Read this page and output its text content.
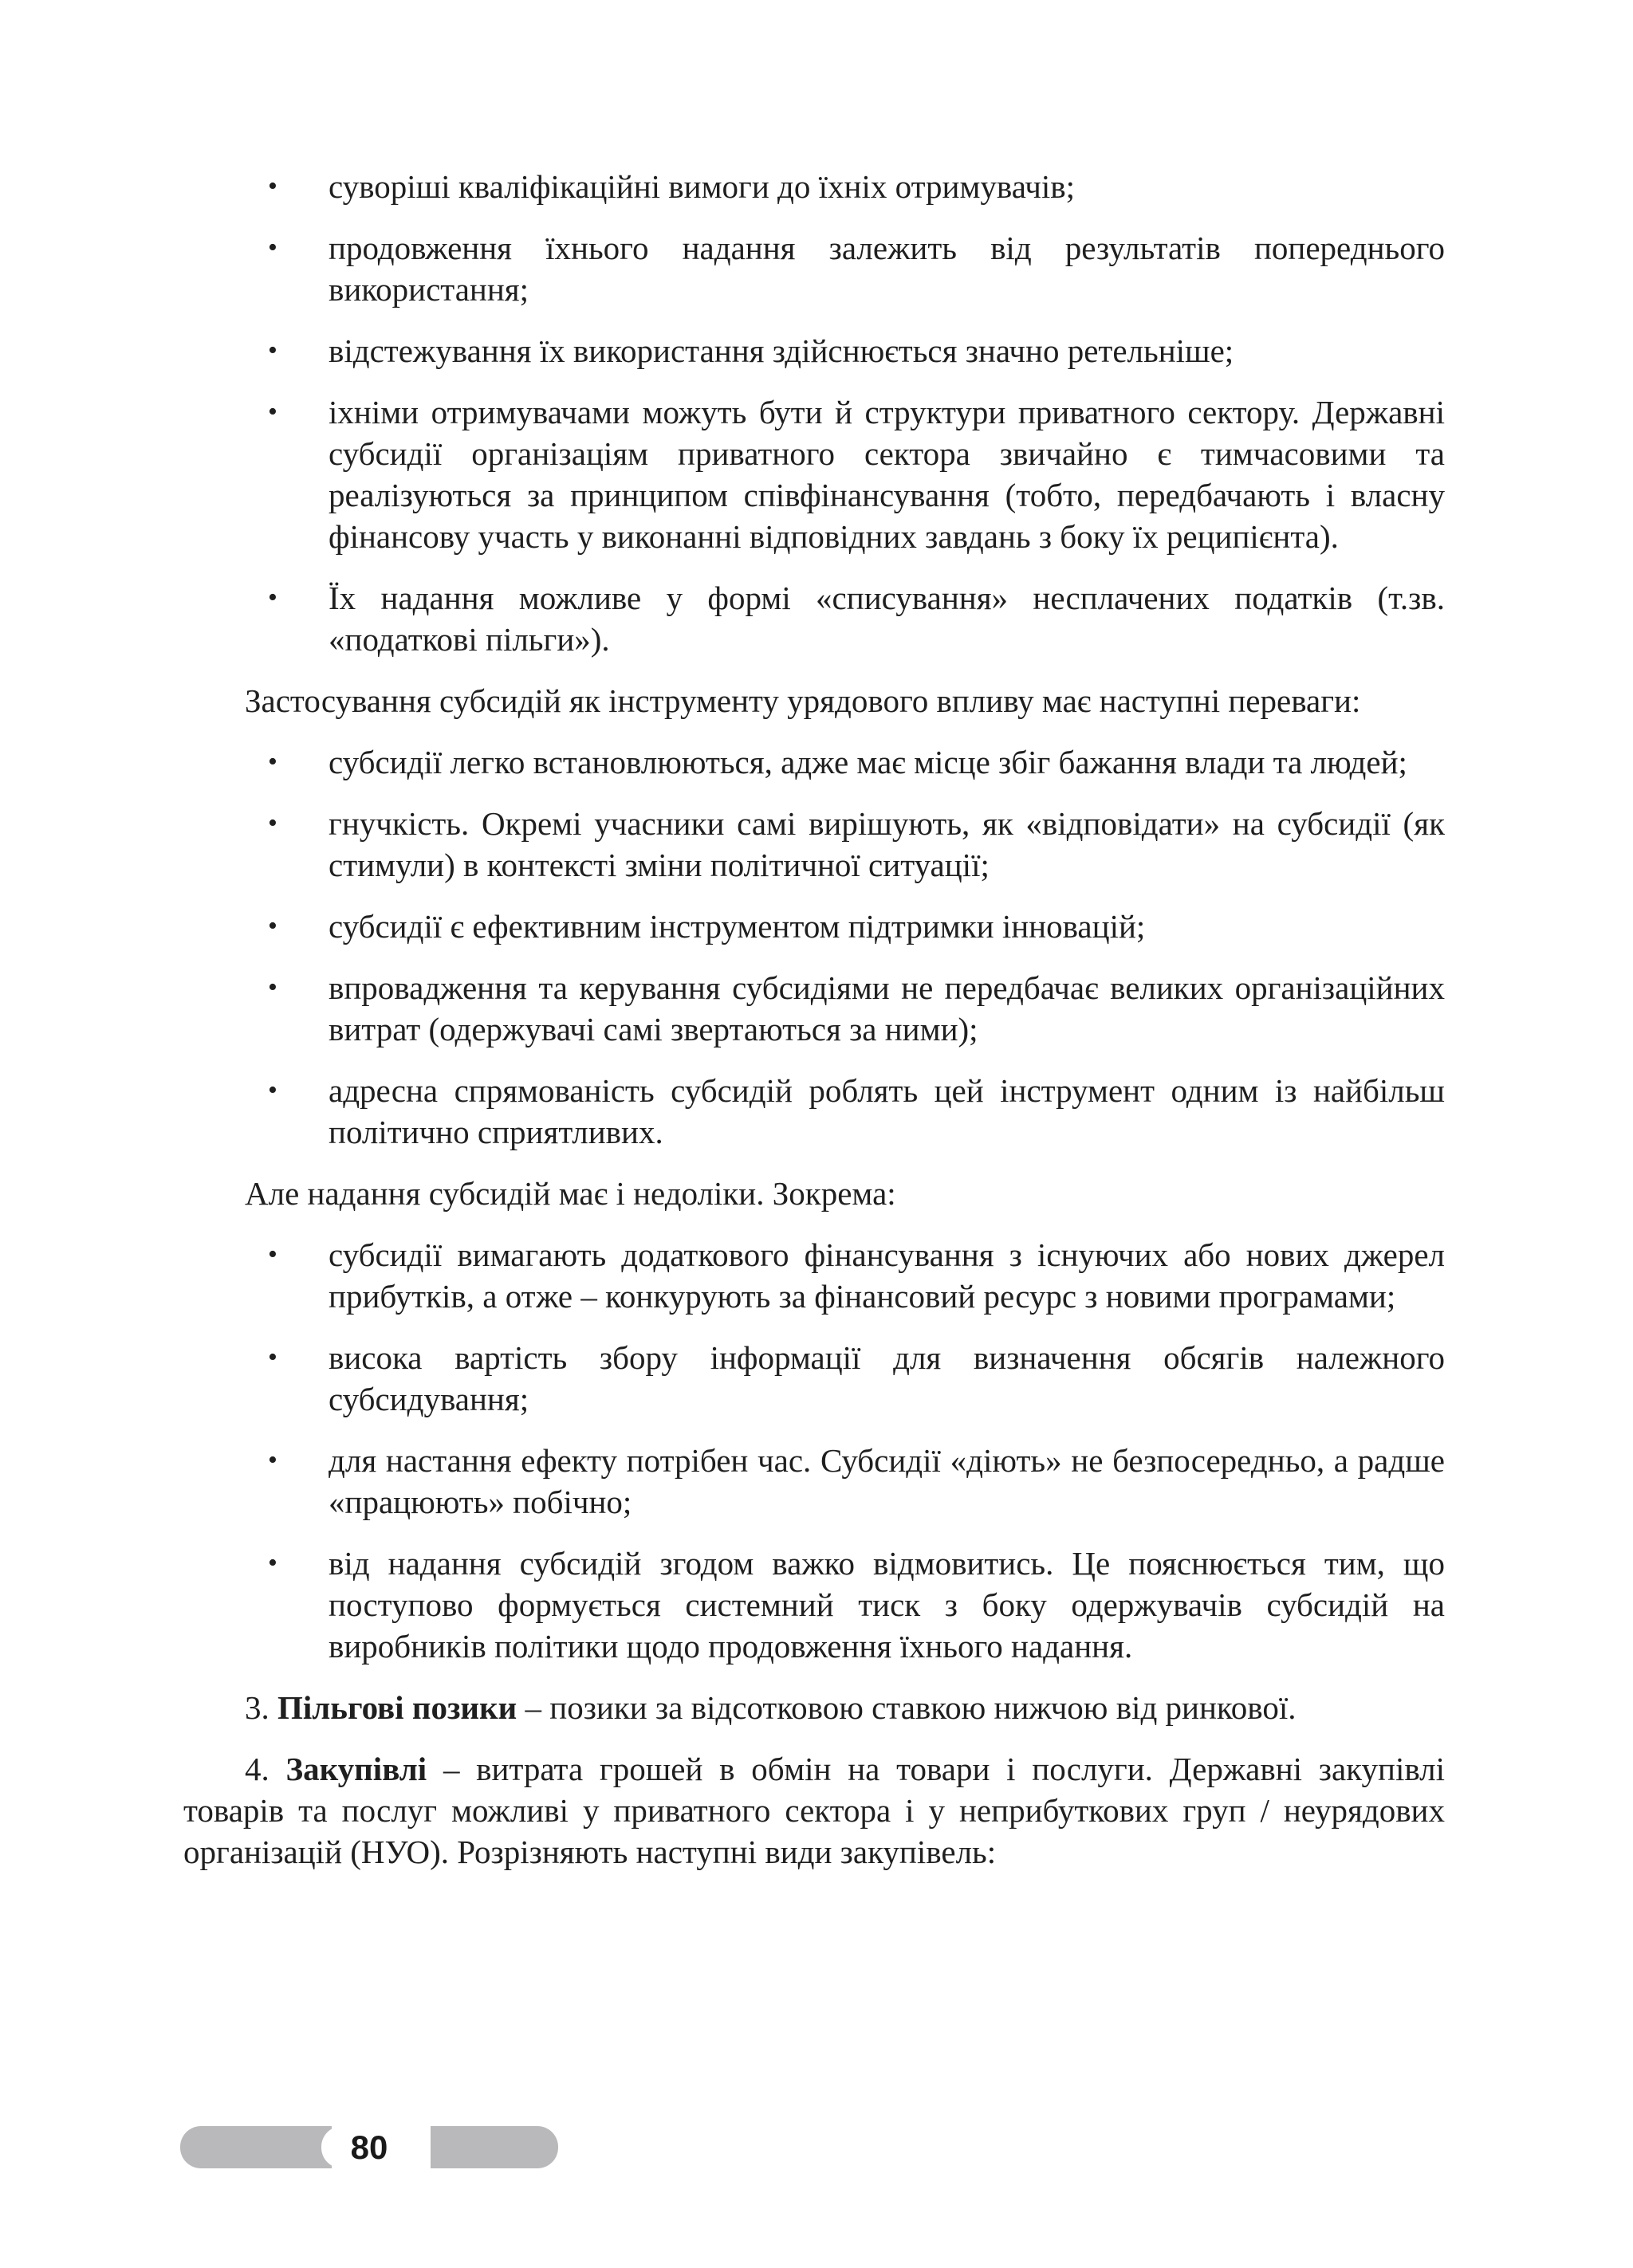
• суворіші кваліфікаційні вимоги до їхніх отримувачів;
• продовження їхнього надання залежить від результатів попереднього використання;
• відстежування їх використання здійснюється значно ретельніше;
• іхніми отримувачами можуть бути й структури приватного сектору. Державні субсидії організаціям приватного сектора звичайно є тимчасовими та реалізуються за принципом співфінансування (тобто, передбачають і власну фінансову участь у виконанні відповідних завдань з боку їх реципієнта).
• Їх надання можливе у формі «списування» несплачених податків (т.зв. «податкові пільги»).

Застосування субсидій як інструменту урядового впливу має наступні переваги:

• субсидії легко встановлюються, адже має місце збіг бажання влади та людей;
• гнучкість. Окремі учасники самі вирішують, як «відповідати» на субсидії (як стимули) в контексті зміни політичної ситуації;
• субсидії є ефективним інструментом підтримки інновацій;
• впровадження та керування субсидіями не передбачає великих організаційних витрат (одержувачі самі звертаються за ними);
• адресна спрямованість субсидій роблять цей інструмент одним із найбільш політично сприятливих.

Але надання субсидій має і недоліки. Зокрема:

• субсидії вимагають додаткового фінансування з існуючих або нових джерел прибутків, а отже – конкурують за фінансовий ресурс з новими програмами;
• висока вартість збору інформації для визначення обсягів належного субсидування;
• для настання ефекту потрібен час. Субсидії «діють» не безпосередньо, а радше «працюють» побічно;
• від надання субсидій згодом важко відмовитись. Це пояснюється тим, що поступово формується системний тиск з боку одержувачів субсидій на виробників політики щодо продовження їхнього надання.

3. Пільгові позики – позики за відсотковою ставкою нижчою від ринкової.

4. Закупівлі – витрата грошей в обмін на товари і послуги. Державні закупівлі товарів та послуг можливі у приватного сектора і у неприбуткових груп / неурядових організацій (НУО). Розрізняють наступні види закупівель:

80
